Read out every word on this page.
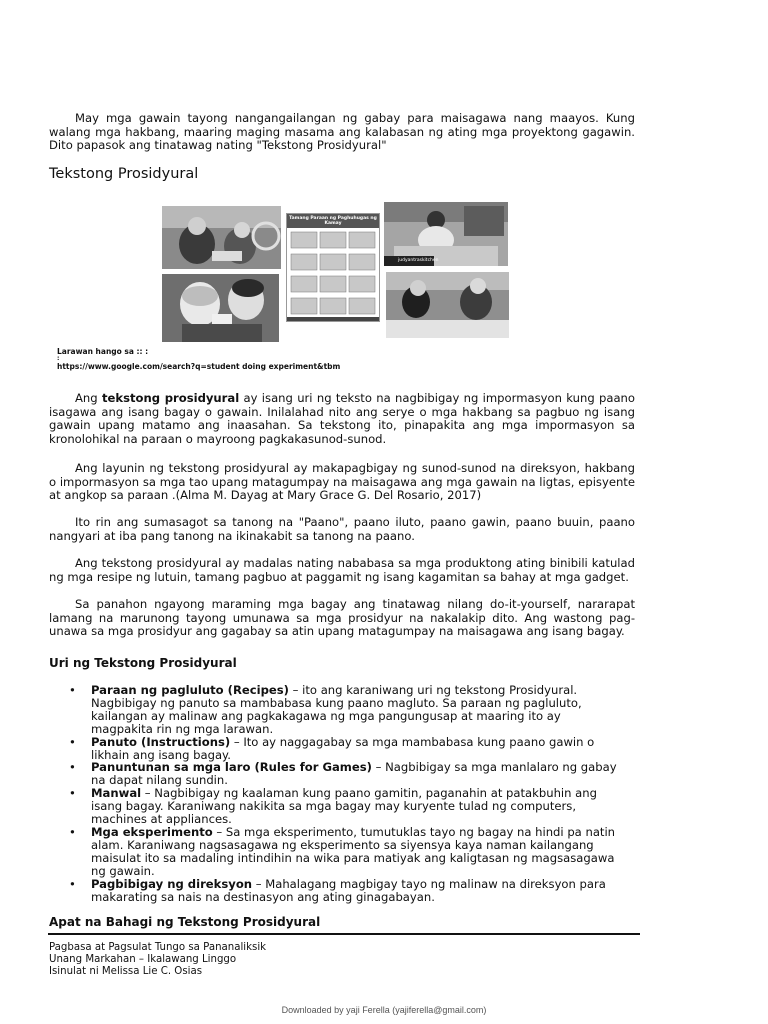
May mga gawain tayong nangangailangan ng gabay para maisagawa nang maayos. Kung walang mga hakbang, maaring maging masama ang kalabasan ng ating mga proyektong gagawin. Dito papasok ang tinatawag nating "Tekstong Prosidyural"

Tekstong Prosidyural
Tamang Paraan ng Paghuhugas ng Kamay
judyantraskitchen
Larawan hango sa :: :
:
https://www.google.com/search?q=student doing experiment&tbm

Ang tekstong prosidyural ay isang uri ng teksto na nagbibigay ng impormasyon kung paano isagawa ang isang bagay o gawain. Inilalahad nito ang serye o mga hakbang sa pagbuo ng isang gawain upang matamo ang inaasahan. Sa tekstong ito, pinapakita ang mga impormasyon sa kronolohikal na paraan o mayroong pagkakasunod-sunod.

Ang layunin ng tekstong prosidyural ay makapagbigay ng sunod-sunod na direksyon, hakbang o impormasyon sa mga tao upang matagumpay na maisagawa ang mga gawain na ligtas, episyente at angkop sa paraan .(Alma M. Dayag at Mary Grace G. Del Rosario, 2017)

Ito rin ang sumasagot sa tanong na "Paano", paano iluto, paano gawin, paano buuin, paano nangyari at iba pang tanong na ikinakabit sa tanong na paano.

Ang tekstong prosidyural ay madalas nating nababasa sa mga produktong ating binibili katulad ng mga resipe ng lutuin, tamang pagbuo at paggamit ng isang kagamitan sa bahay at mga gadget.

Sa panahon ngayong maraming mga bagay ang tinatawag nilang do-it-yourself, nararapat lamang na marunong tayong umunawa sa mga prosidyur na nakalakip dito. Ang wastong pag-unawa sa mga prosidyur ang gagabay sa atin upang matagumpay na maisagawa ang isang bagay.

Uri ng Tekstong Prosidyural
• Paraan ng pagluluto (Recipes) – ito ang karaniwang uri ng tekstong Prosidyural. Nagbibigay ng panuto sa mambabasa kung paano magluto. Sa paraan ng pagluluto, kailangan ay malinaw ang pagkakagawa ng mga pangungusap at maaring ito ay magpakita rin ng mga larawan.
• Panuto (Instructions) – Ito ay naggagabay sa mga mambabasa kung paano gawin o likhain ang isang bagay.
• Panuntunan sa mga laro (Rules for Games) – Nagbibigay sa mga manlalaro ng gabay na dapat nilang sundin.
• Manwal – Nagbibigay ng kaalaman kung paano gamitin, paganahin at patakbuhin ang isang bagay. Karaniwang nakikita sa mga bagay may kuryente tulad ng computers, machines at appliances.
• Mga eksperimento – Sa mga eksperimento, tumutuklas tayo ng bagay na hindi pa natin alam. Karaniwang nagsasagawa ng eksperimento sa siyensya kaya naman kailangang maisulat ito sa madaling intindihin na wika para matiyak ang kaligtasan ng magsasagawa ng gawain.
• Pagbibigay ng direksyon – Mahalagang magbigay tayo ng malinaw na direksyon para makarating sa nais na destinasyon ang ating ginagabayan.
Apat na Bahagi ng Tekstong Prosidyural
Pagbasa at Pagsulat Tungo sa Pananaliksik
Unang Markahan – Ikalawang Linggo
Isinulat ni Melissa Lie C. Osias
Downloaded by yaji Ferella (yajiferella@gmail.com)
